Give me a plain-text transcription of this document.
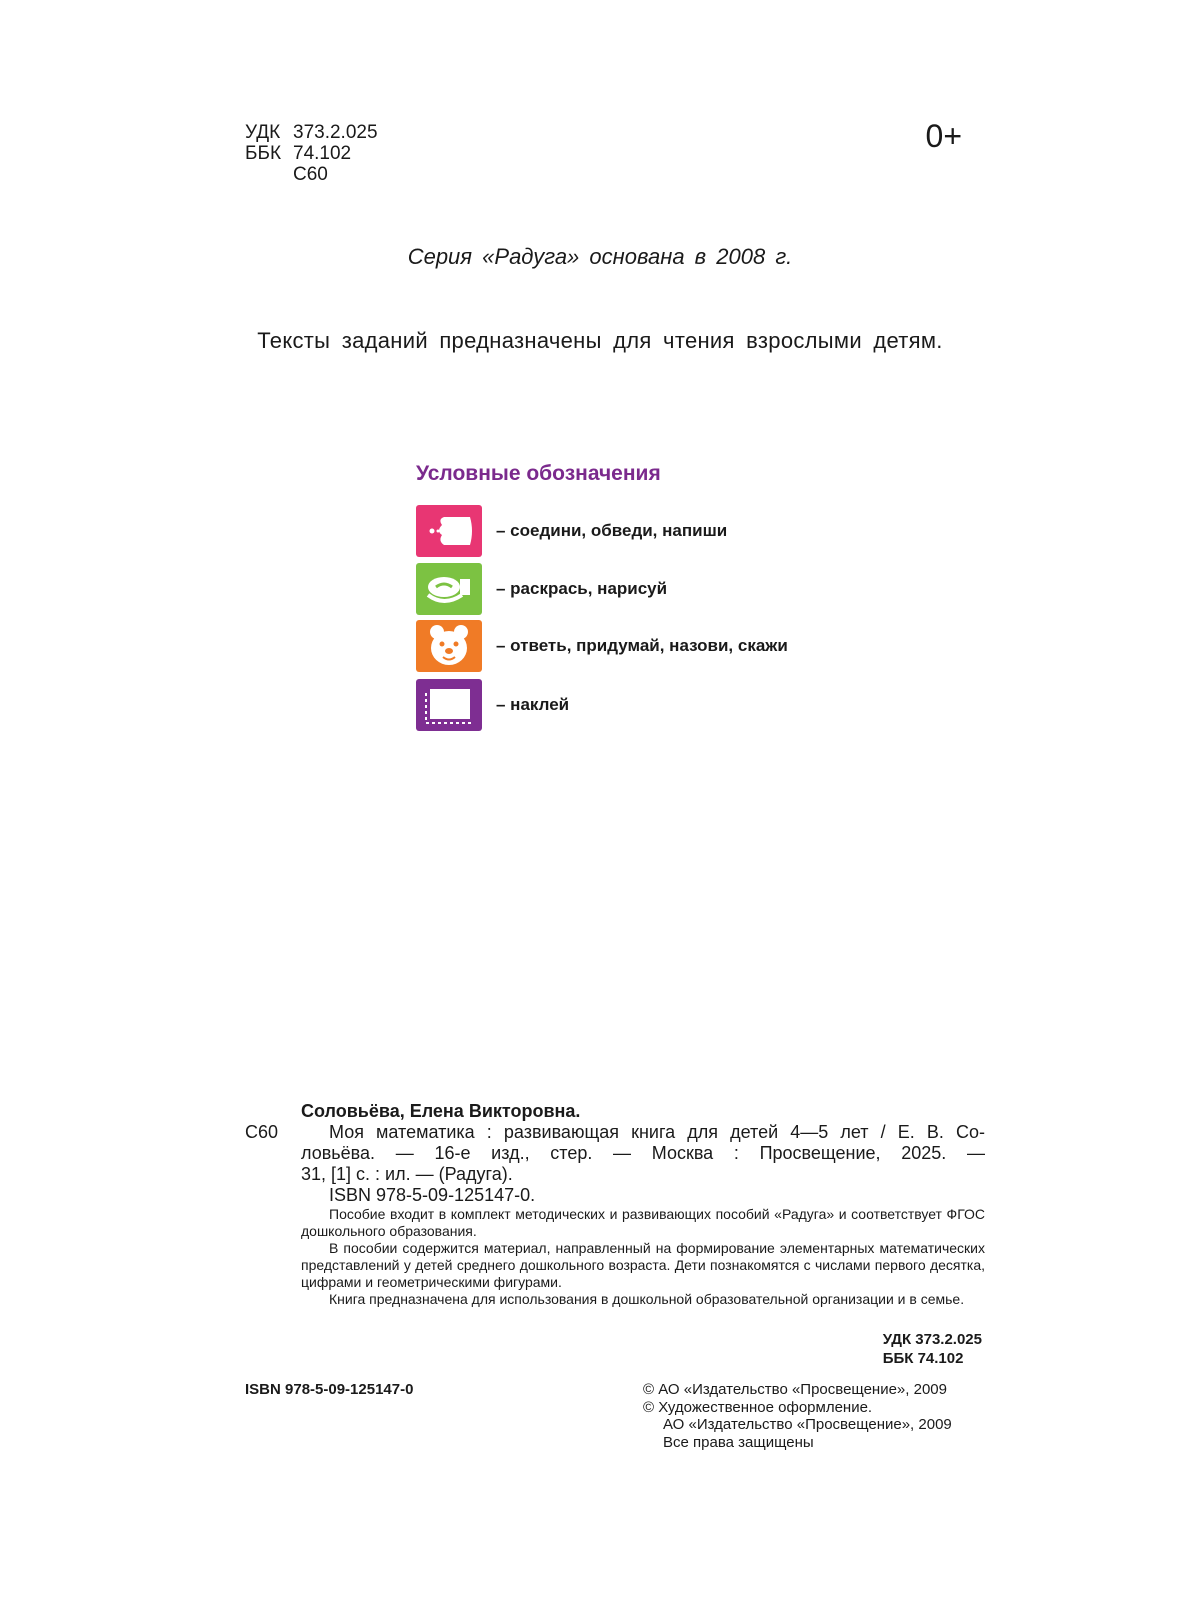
УДК 373.2.025
ББК 74.102
С60
0+
Серия «Радуга» основана в 2008 г.
Тексты заданий предназначены для чтения взрослыми детям.
Условные обозначения
– соедини, обведи, напиши
– раскрась, нарисуй
– ответь, придумай, назови, скажи
– наклей
Соловьёва, Елена Викторовна.
С60	Моя математика : развивающая книга для детей 4—5 лет / Е. В. Со-
ловьёва. — 16-е изд., стер. — Москва : Просвещение, 2025. —
31, [1] с. : ил. — (Радуга).
ISBN 978-5-09-125147-0.
Пособие входит в комплект методических и развивающих пособий «Радуга» и соответствует ФГОС дошкольного образования.
В пособии содержится материал, направленный на формирование элементарных математических представлений у детей среднего дошкольного возраста. Дети познакомятся с числами первого десятка, цифрами и геометрическими фигурами.
Книга предназначена для использования в дошкольной образовательной организации и в семье.
УДК 373.2.025
ББК 74.102
ISBN 978-5-09-125147-0	© АО «Издательство «Просвещение», 2009
© Художественное оформление.
АО «Издательство «Просвещение», 2009
Все права защищены
